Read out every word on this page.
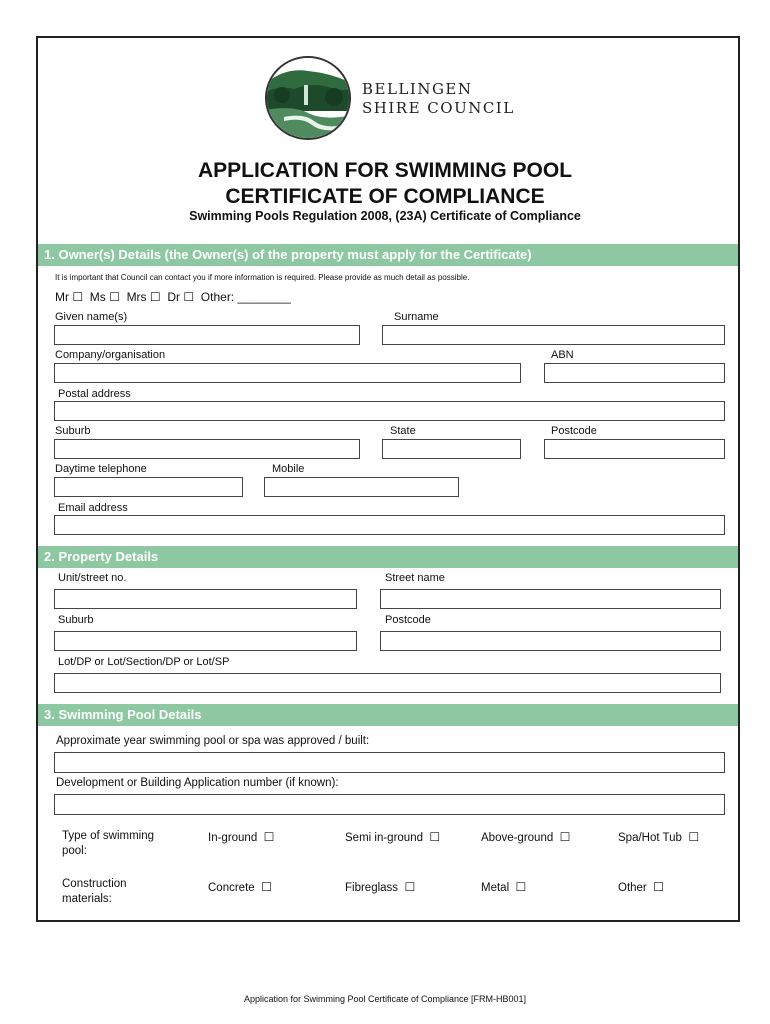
BELLINGEN
SHIRE COUNCIL
APPLICATION FOR SWIMMING POOL
CERTIFICATE OF COMPLIANCE
Swimming Pools Regulation 2008, (23A) Certificate of Compliance
1. Owner(s) Details (the Owner(s) of the property must apply for the Certificate)
It is important that Council can contact you if more information is required. Please provide as much detail as possible.
Mr ☐ Ms ☐ Mrs ☐ Dr ☐ Other: ________
Given name(s)	Surname
Company/organisation	ABN
Postal address
Suburb	State	Postcode
Daytime telephone	Mobile
Email address
2. Property Details
Unit/street no.	Street name
Suburb	Postcode
Lot/DP or Lot/Section/DP or Lot/SP
3. Swimming Pool Details
Approximate year swimming pool or spa was approved / built:
Development or Building Application number (if known):
Type of swimming
pool:
In-ground ☐	Semi in-ground ☐	Above-ground ☐	Spa/Hot Tub ☐
Construction
materials:
Concrete ☐	Fibreglass ☐	Metal ☐	Other ☐
Application for Swimming Pool Certificate of Compliance [FRM-HB001]
